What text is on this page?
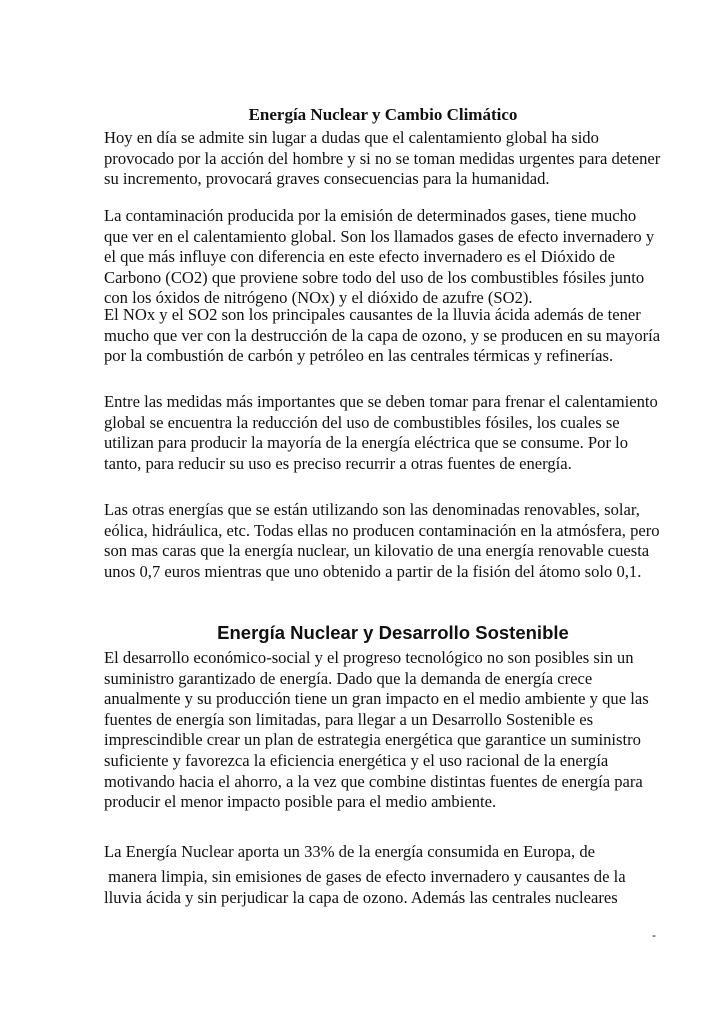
Energía Nuclear y Cambio Climático
Hoy en día se admite sin lugar a dudas que el calentamiento global ha sido provocado por la acción del hombre y si no se toman medidas urgentes para detener su incremento, provocará graves consecuencias para la humanidad.
La contaminación producida por la emisión de determinados gases, tiene mucho que ver en el calentamiento global. Son los llamados gases de efecto invernadero y el que más influye con diferencia en este efecto invernadero es el Dióxido de Carbono (CO2) que proviene sobre todo del uso de los combustibles fósiles junto con los óxidos de nitrógeno (NOx) y el dióxido de azufre (SO2).
El NOx y el SO2 son los principales causantes de la lluvia ácida además de tener mucho que ver con la destrucción de la capa de ozono, y se producen en su mayoría por la combustión de carbón y petróleo en las centrales térmicas y refinerías.
Entre las medidas más importantes que se deben tomar para frenar el calentamiento global se encuentra la reducción del uso de combustibles fósiles, los cuales se utilizan para producir la mayoría de la energía eléctrica que se consume. Por lo tanto, para reducir su uso es preciso recurrir a otras fuentes de energía.
Las otras energías que se están utilizando son las denominadas renovables, solar, eólica, hidráulica, etc. Todas ellas no producen contaminación en la atmósfera, pero son mas caras que la energía nuclear, un kilovatio de una energía renovable cuesta unos 0,7 euros mientras que uno obtenido a partir de la fisión del átomo solo 0,1.
Energía Nuclear y Desarrollo Sostenible
El desarrollo económico-social y el progreso tecnológico no son posibles sin un suministro garantizado de energía. Dado que la demanda de energía crece anualmente y su producción tiene un gran impacto en el medio ambiente y que las fuentes de energía son limitadas, para llegar a un Desarrollo Sostenible es imprescindible crear un plan de estrategia energética que garantice un suministro suficiente y favorezca la eficiencia energética y el uso racional de la energía motivando hacia el ahorro, a la vez que combine distintas fuentes de energía para producir el menor impacto posible para el medio ambiente.
La Energía Nuclear aporta un 33% de la energía consumida en Europa, de
manera limpia, sin emisiones de gases de efecto invernadero y causantes de la lluvia ácida y sin perjudicar la capa de ozono. Además las centrales nucleares
-
